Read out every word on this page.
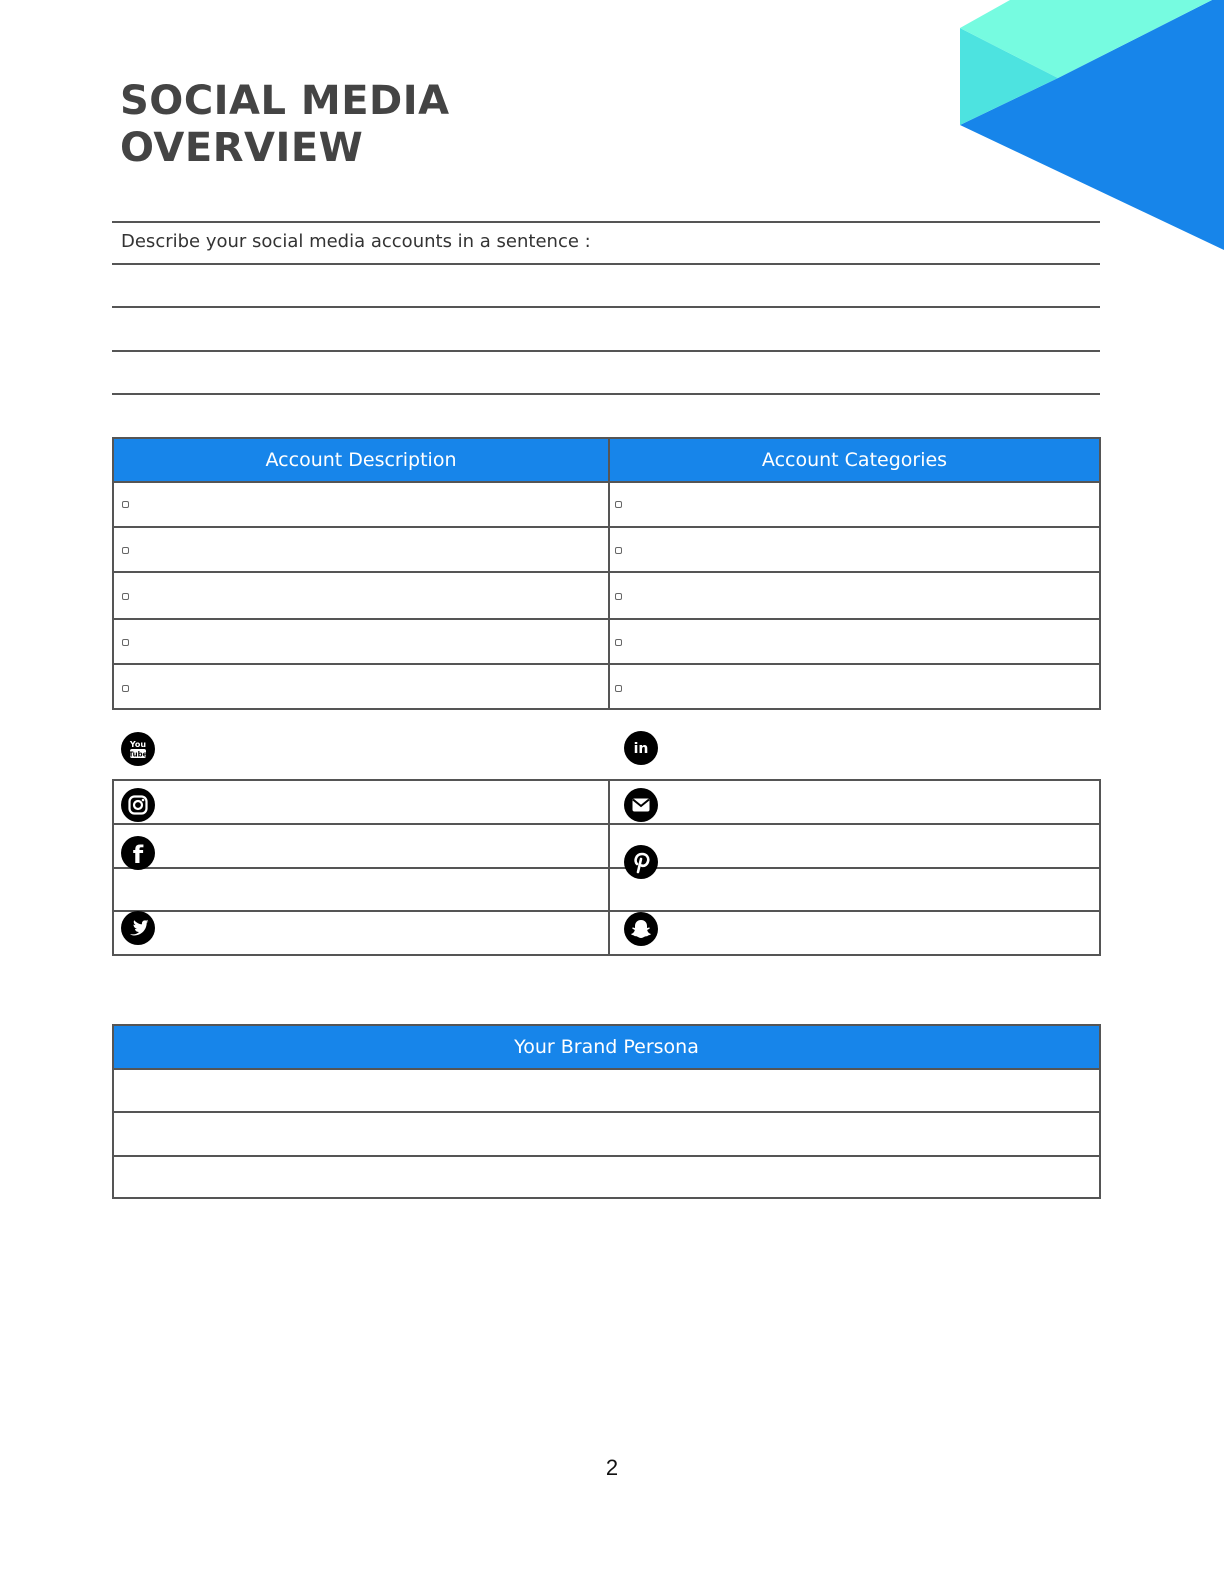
SOCIAL MEDIA
OVERVIEW
Describe your social media accounts in a sentence :
Account Description	Account Categories
You
Tube
f
in
Your Brand Persona
2
